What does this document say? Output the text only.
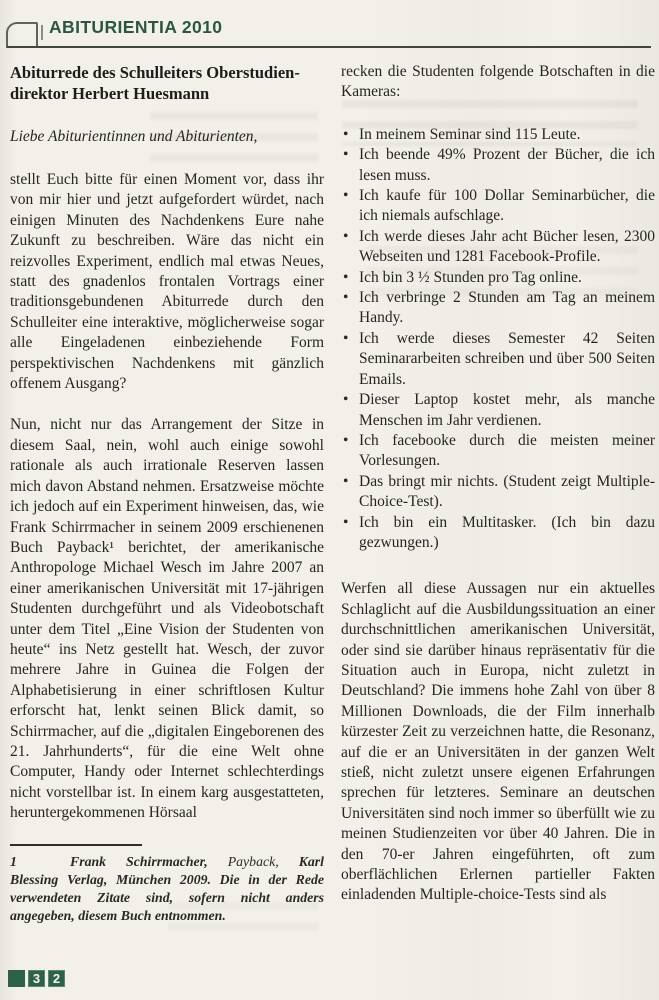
ABITURIENTIA 2010
Abiturrede des Schulleiters Oberstudien-direktor Herbert Huesmann

Liebe Abiturientinnen und Abiturienten,

stellt Euch bitte für einen Moment vor, dass ihr von mir hier und jetzt aufgefordert würdet, nach einigen Minuten des Nachdenkens Eure nahe Zukunft zu beschreiben. Wäre das nicht ein reizvolles Experiment, endlich mal etwas Neues, statt des gnadenlos frontalen Vortrags einer traditionsgebundenen Abiturrede durch den Schulleiter eine interaktive, möglicherweise sogar alle Eingeladenen einbeziehende Form perspektivischen Nachdenkens mit gänzlich offenem Ausgang?

Nun, nicht nur das Arrangement der Sitze in diesem Saal, nein, wohl auch einige sowohl rationale als auch irrationale Reserven lassen mich davon Abstand nehmen. Ersatzweise möchte ich jedoch auf ein Experiment hinweisen, das, wie Frank Schirrmacher in seinem 2009 erschienenen Buch Payback¹ berichtet, der amerikanische Anthropologe Michael Wesch im Jahre 2007 an einer amerikanischen Universität mit 17-jährigen Studenten durchgeführt und als Videobotschaft unter dem Titel „Eine Vision der Studenten von heute“ ins Netz gestellt hat. Wesch, der zuvor mehrere Jahre in Guinea die Folgen der Alphabetisierung in einer schriftlosen Kultur erforscht hat, lenkt seinen Blick damit, so Schirrmacher, auf die „digitalen Eingeborenen des 21. Jahrhunderts“, für die eine Welt ohne Computer, Handy oder Internet schlechterdings nicht vorstellbar ist. In einem karg ausgestatteten, heruntergekommenen Hörsaal

1	Frank Schirrmacher, Payback, Karl Blessing Verlag, München 2009. Die in der Rede verwendeten Zitate sind, sofern nicht anders angegeben, diesem Buch entnommen.

recken die Studenten folgende Botschaften in die Kameras:

• In meinem Seminar sind 115 Leute.
• Ich beende 49% Prozent der Bücher, die ich lesen muss.
• Ich kaufe für 100 Dollar Seminarbücher, die ich niemals aufschlage.
• Ich werde dieses Jahr acht Bücher lesen, 2300 Webseiten und 1281 Facebook-Profile.
• Ich bin 3 ½ Stunden pro Tag online.
• Ich verbringe 2 Stunden am Tag an meinem Handy.
• Ich werde dieses Semester 42 Seiten Seminararbeiten schreiben und über 500 Seiten Emails.
• Dieser Laptop kostet mehr, als manche Menschen im Jahr verdienen.
• Ich facebooke durch die meisten meiner Vorlesungen.
• Das bringt mir nichts. (Student zeigt Multiple-Choice-Test).
• Ich bin ein Multitasker. (Ich bin dazu gezwungen.)

Werfen all diese Aussagen nur ein aktuelles Schlaglicht auf die Ausbildungssituation an einer durchschnittlichen amerikanischen Universität, oder sind sie darüber hinaus repräsentativ für die Situation auch in Europa, nicht zuletzt in Deutschland? Die immens hohe Zahl von über 8 Millionen Downloads, die der Film innerhalb kürzester Zeit zu verzeichnen hatte, die Resonanz, auf die er an Universitäten in der ganzen Welt stieß, nicht zuletzt unsere eigenen Erfahrungen sprechen für letzteres. Seminare an deutschen Universitäten sind noch immer so überfüllt wie zu meinen Studienzeiten vor über 40 Jahren. Die in den 70-er Jahren eingeführten, oft zum oberflächlichen Erlernen partieller Fakten einladenden Multiple-choice-Tests sind als

3 2
